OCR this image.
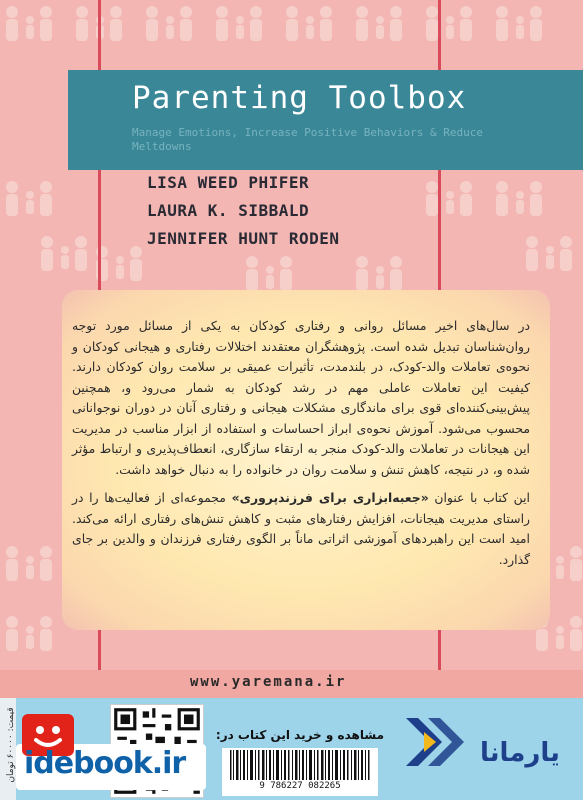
Parenting Toolbox
Manage Emotions, Increase Positive Behaviors & Reduce Meltdowns
LISA WEED PHIFER
LAURA K. SIBBALD
JENNIFER HUNT RODEN

در سال‌های اخیر مسائل روانی و رفتاری کودکان به یکی از مسائل مورد توجه روان‌شناسان تبدیل شده است. پژوهشگران معتقدند اختلالات رفتاری و هیجانی کودکان و نحوه‌ی تعاملات والد-کودک، در بلندمدت، تأثیرات عمیقی بر سلامت روان کودکان دارند. کیفیت این تعاملات عاملی مهم در رشد کودکان به شمار می‌رود و، همچنین پیش‌بینی‌کننده‌ای قوی برای ماندگاری مشکلات هیجانی و رفتاری آنان در دوران نوجوانانی محسوب می‌شود. آموزش نحوه‌ی ابراز احساسات و استفاده از ابزار مناسب در مدیریت این هیجانات در تعاملات والد-کودک منجر به ارتقاء سازگاری، انعطاف‌پذیری و ارتباط مؤثر شده و، در نتیجه، کاهش تنش و سلامت روان در خانواده را به دنبال خواهد داشت.

این کتاب با عنوان «جعبه‌ابزاری برای فرزندپروری» مجموعه‌ای از فعالیت‌ها را در راستای مدیریت هیجانات، افزایش رفتارهای مثبت و کاهش تنش‌های رفتاری ارائه می‌کند. امید است این راهبردهای آموزشی اثراتی ماناً بر الگوی رفتاری فرزندان و والدین بر جای گذارد.

www.yaremana.ir
قیمت: ۶۰۰۰۰ تومان
مشاهده و خرید این کتاب در:
9 786227 082265
idebook.ir	یارمانا
